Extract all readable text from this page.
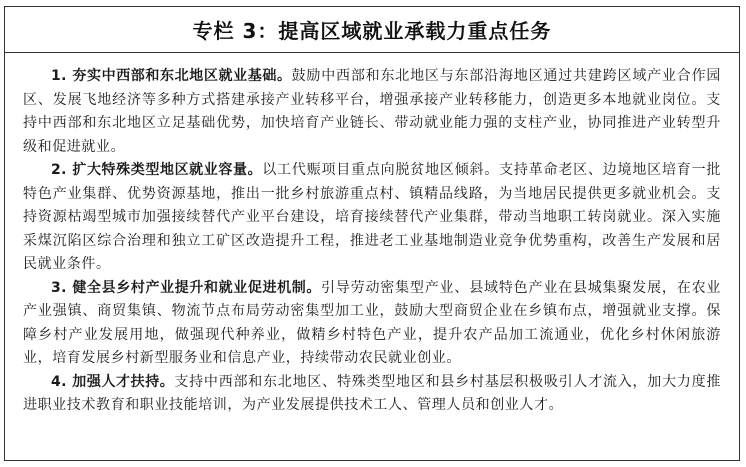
专栏 3：提高区域就业承载力重点任务

1. 夯实中西部和东北地区就业基础。鼓励中西部和东北地区与东部沿海地区通过共建跨区域产业合作园区、发展飞地经济等多种方式搭建承接产业转移平台，增强承接产业转移能力，创造更多本地就业岗位。支持中西部和东北地区立足基础优势，加快培育产业链长、带动就业能力强的支柱产业，协同推进产业转型升级和促进就业。

2. 扩大特殊类型地区就业容量。以工代赈项目重点向脱贫地区倾斜。支持革命老区、边境地区培育一批特色产业集群、优势资源基地，推出一批乡村旅游重点村、镇精品线路，为当地居民提供更多就业机会。支持资源枯竭型城市加强接续替代产业平台建设，培育接续替代产业集群，带动当地职工转岗就业。深入实施采煤沉陷区综合治理和独立工矿区改造提升工程，推进老工业基地制造业竞争优势重构，改善生产发展和居民就业条件。

3. 健全县乡村产业提升和就业促进机制。引导劳动密集型产业、县域特色产业在县城集聚发展，在农业产业强镇、商贸集镇、物流节点布局劳动密集型加工业，鼓励大型商贸企业在乡镇布点，增强就业支撑。保障乡村产业发展用地，做强现代种养业，做精乡村特色产业，提升农产品加工流通业，优化乡村休闲旅游业，培育发展乡村新型服务业和信息产业，持续带动农民就业创业。

4. 加强人才扶持。支持中西部和东北地区、特殊类型地区和县乡村基层积极吸引人才流入，加大力度推进职业技术教育和职业技能培训，为产业发展提供技术工人、管理人员和创业人才。
